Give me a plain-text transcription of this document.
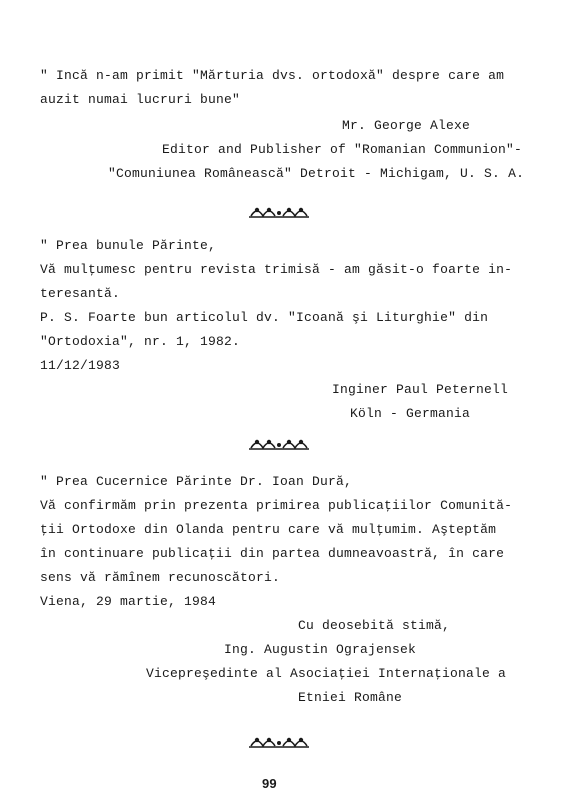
" Incă n-am primit "Mărturia dvs. ortodoxă" despre care am
auzit numai lucruri bune"
Mr. George Alexe
Editor and Publisher of "Romanian Communion"-
"Comuniunea Românească" Detroit - Michigam, U. S. A.
" Prea bunule Părinte,
Vă mulţumesc pentru revista trimisă - am găsit-o foarte in-
teresantă.
P. S. Foarte bun articolul dv. "Icoană şi Liturghie" din
"Ortodoxia", nr. 1, 1982.
11/12/1983
Inginer Paul Peternell
Köln - Germania
" Prea Cucernice Părinte Dr. Ioan Dură,
Vă confirmăm prin prezenta primirea publicaţiilor Comunită-
ţii Ortodoxe din Olanda pentru care vă mulţumim. Aşteptăm
în continuare publicaţii din partea dumneavoastră, în care
sens vă rămînem recunoscători.
Viena, 29 martie, 1984
Cu deosebită stimă,
Ing. Augustin Ograjensek
Vicepreşedinte al Asociaţiei Internaţionale a
Etniei Române
99
